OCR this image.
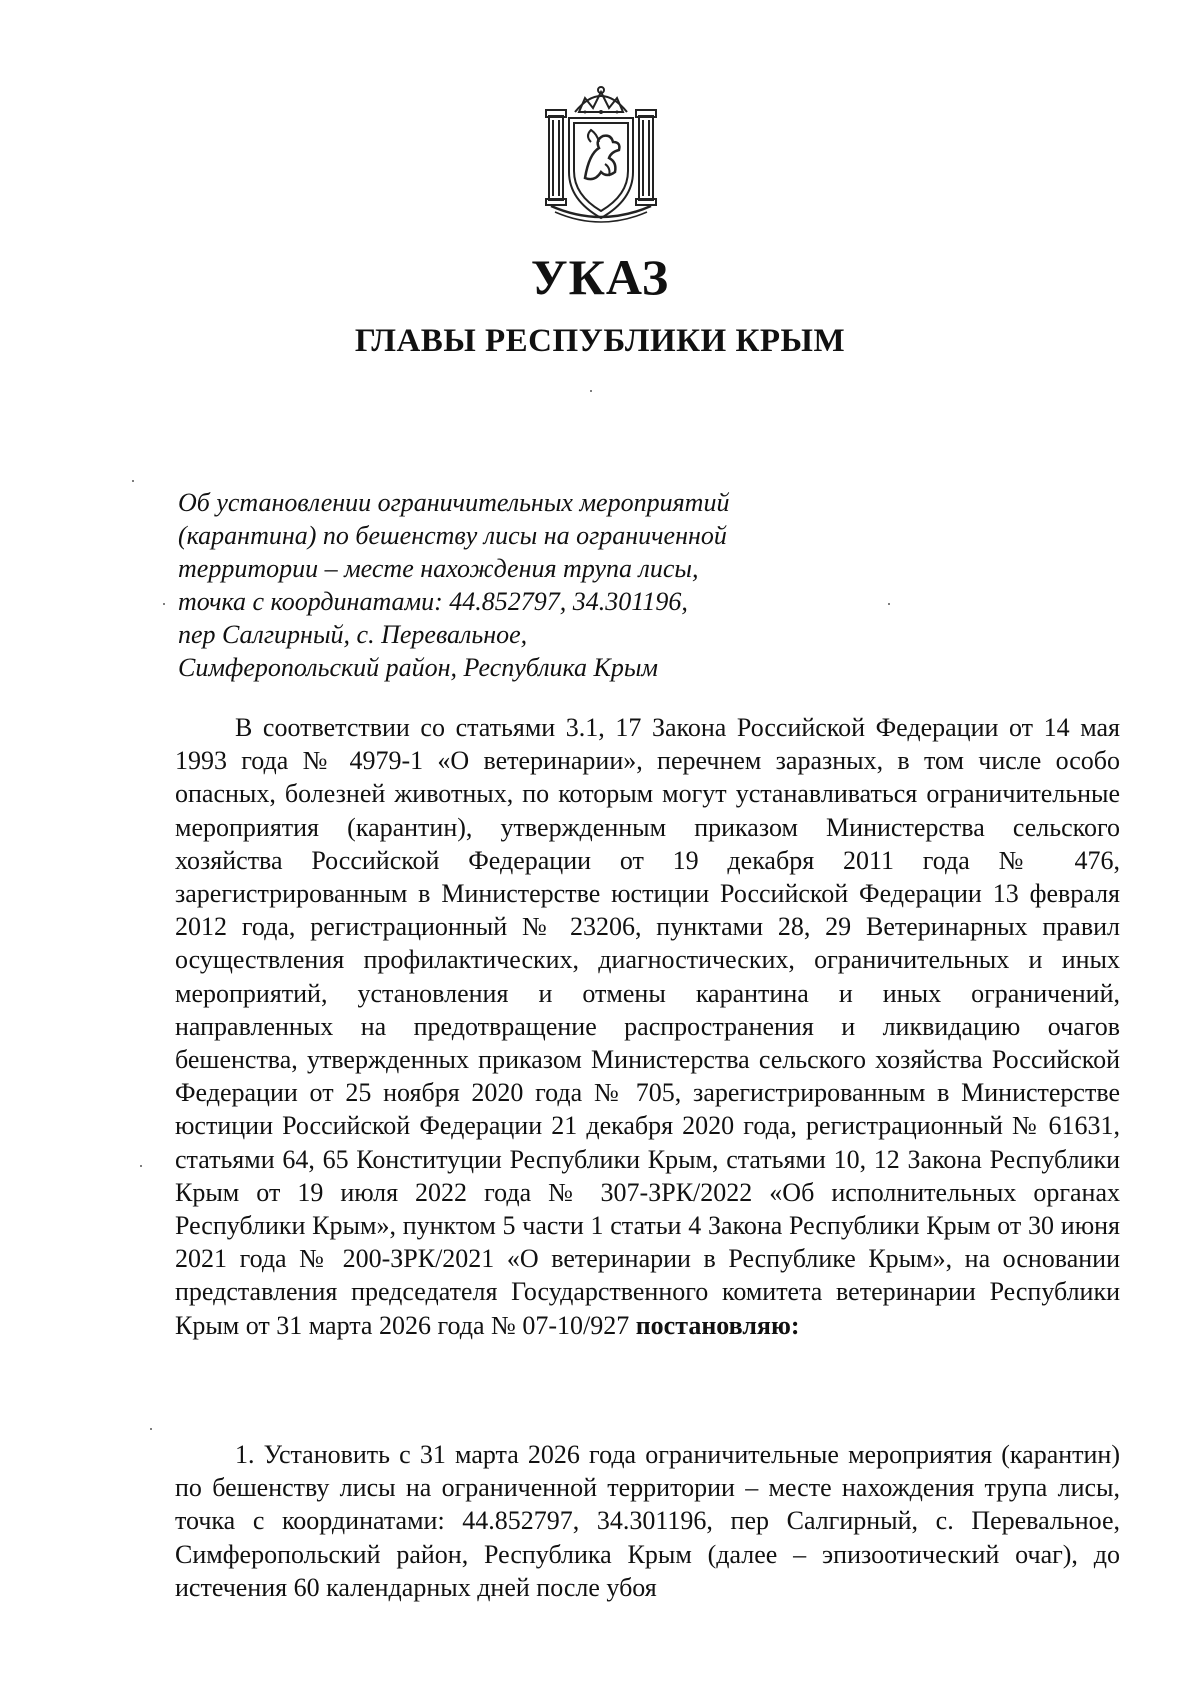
УКАЗ
ГЛАВЫ РЕСПУБЛИКИ КРЫМ
Об установлении ограничительных мероприятий
(карантина) по бешенству лисы на ограниченной
территории – месте нахождения трупа лисы,
точка с координатами: 44.852797, 34.301196,
пер Салгирный, с. Перевальное,
Симферопольский район, Республика Крым

В соответствии со статьями 3.1, 17 Закона Российской Федерации от 14 мая 1993 года № 4979-1 «О ветеринарии», перечнем заразных, в том числе особо опасных, болезней животных, по которым могут устанавливаться ограничительные мероприятия (карантин), утвержденным приказом Министерства сельского хозяйства Российской Федерации от 19 декабря 2011 года № 476, зарегистрированным в Министерстве юстиции Российской Федерации 13 февраля 2012 года, регистрационный № 23206, пунктами 28, 29 Ветеринарных правил осуществления профилактических, диагностических, ограничительных и иных мероприятий, установления и отмены карантина и иных ограничений, направленных на предотвращение распространения и ликвидацию очагов бешенства, утвержденных приказом Министерства сельского хозяйства Российской Федерации от 25 ноября 2020 года № 705, зарегистрированным в Министерстве юстиции Российской Федерации 21 декабря 2020 года, регистрационный № 61631, статьями 64, 65 Конституции Республики Крым, статьями 10, 12 Закона Республики Крым от 19 июля 2022 года № 307-ЗРК/2022 «Об исполнительных органах Республики Крым», пунктом 5 части 1 статьи 4 Закона Республики Крым от 30 июня 2021 года № 200-ЗРК/2021 «О ветеринарии в Республике Крым», на основании представления председателя Государственного комитета ветеринарии Республики Крым от 31 марта 2026 года № 07-10/927 постановляю:

1. Установить с 31 марта 2026 года ограничительные мероприятия (карантин) по бешенству лисы на ограниченной территории – месте нахождения трупа лисы, точка с координатами: 44.852797, 34.301196, пер Салгирный, с. Перевальное, Симферопольский район, Республика Крым (далее – эпизоотический очаг), до истечения 60 календарных дней после убоя
